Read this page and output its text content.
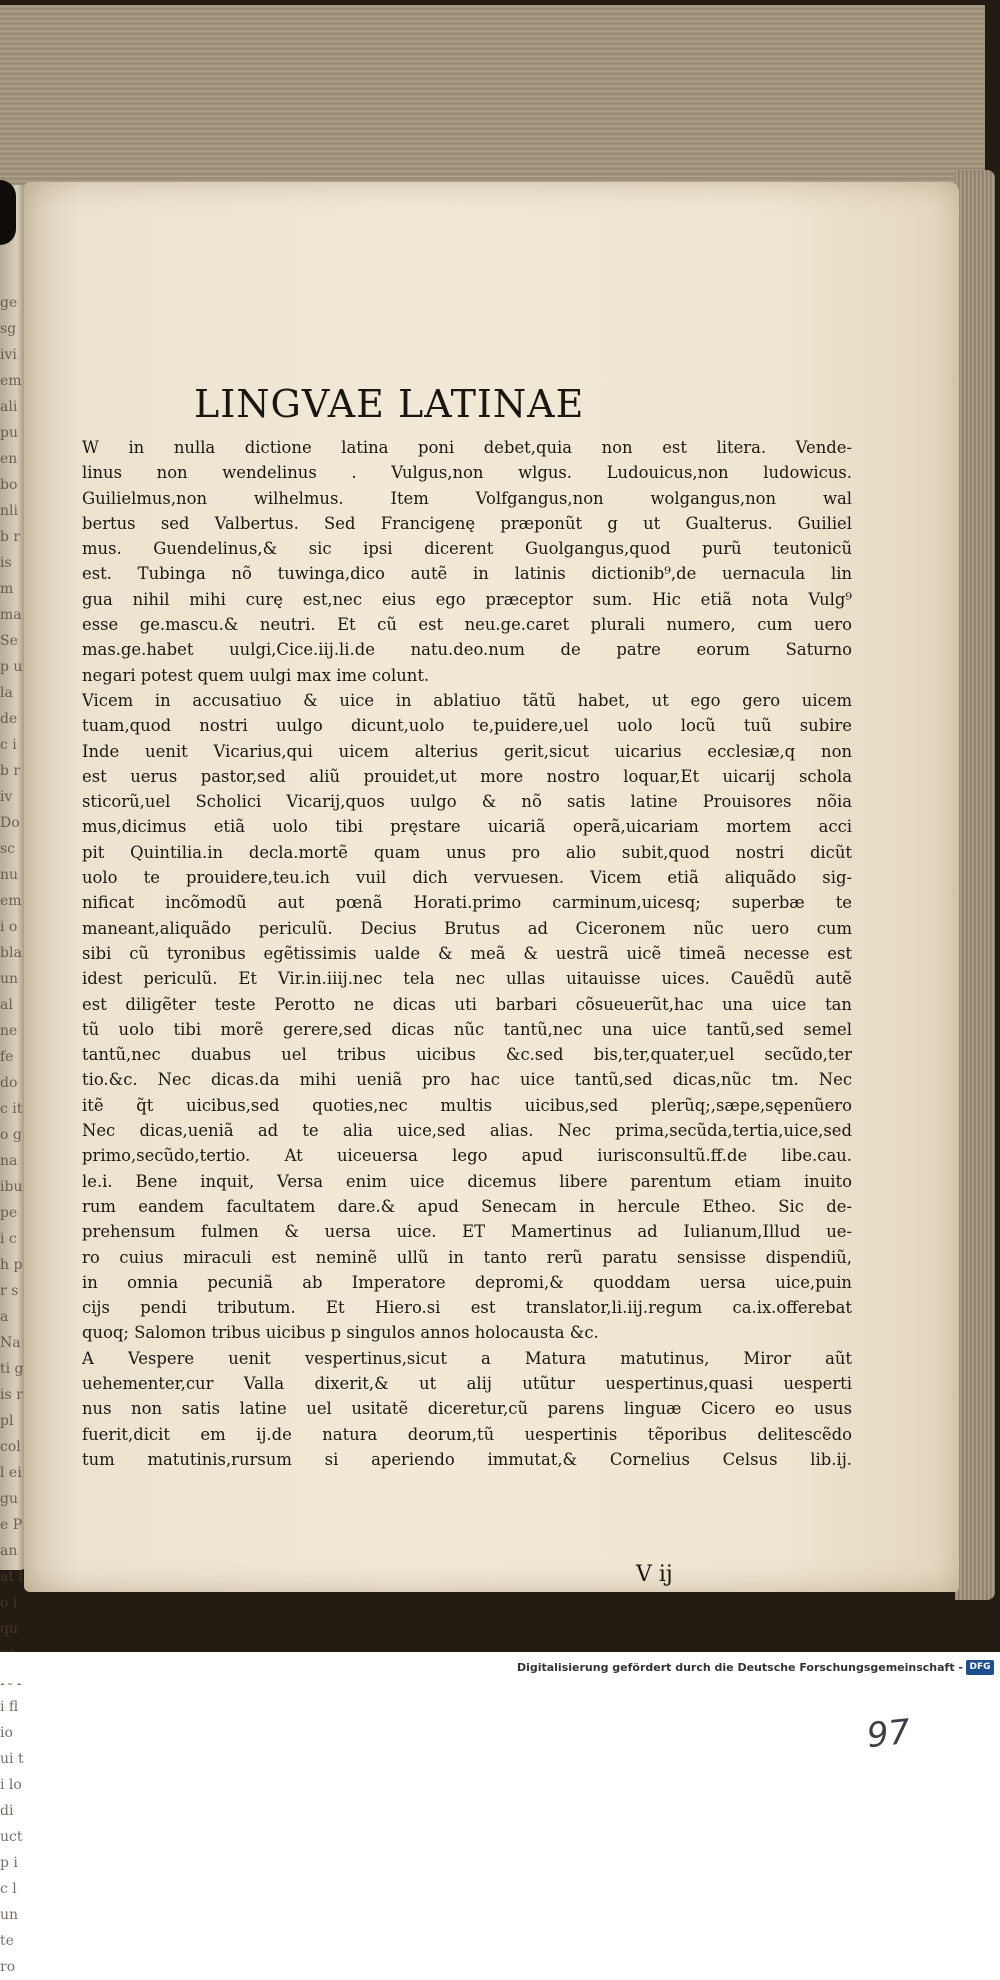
gesg ivi em ali pu en bo nlib ris mma Sep ula dec ib r iv Dosc nu emi obla un al ne fe do c ito gna ibu pe i ch pr sa Na ti g is rpl coll ei gue Pan at io iqu i fl io ui ti lo di uct p ic l un te ro
LINGVAE LATINAE
W in nulla dictione latina poni debet,quia non est litera. Vende-
linus non wendelinus . Vulgus,non wlgus. Ludouicus,non ludowicus.
Guilielmus,non wilhelmus. Item Volfgangus,non wolgangus,non wal
bertus sed Valbertus. Sed Francigenę præponũt g ut Gualterus. Guiliel
mus. Guendelinus,& sic ipsi dicerent Guolgangus,quod purũ teutonicũ
est. Tubinga nõ tuwinga,dico autẽ in latinis dictionib⁹,de uernacula lin
gua nihil mihi curę est,nec eius ego præceptor sum. Hic etiã nota Vulg⁹
esse ge.mascu.& neutri. Et cũ est neu.ge.caret plurali numero, cum uero
mas.ge.habet uulgi,Cice.iij.li.de natu.deo.num de patre eorum Saturno
negari potest quem uulgi max ime colunt.
Vicem in accusatiuo & uice in ablatiuo tãtũ habet, ut ego gero uicem
tuam,quod nostri uulgo dicunt,uolo te,puidere,uel uolo locũ tuũ subire
Inde uenit Vicarius,qui uicem alterius gerit,sicut uicarius ecclesiæ,q non
est uerus pastor,sed aliũ prouidet,ut more nostro loquar,Et uicarij schola
sticorũ,uel Scholici Vicarij,quos uulgo & nõ satis latine Prouisores nõia
mus,dicimus etiã uolo tibi pręstare uicariã operã,uicariam mortem acci
pit Quintilia.in decla.mortẽ quam unus pro alio subit,quod nostri dicũt
uolo te prouidere,teu.ich vuil dich vervuesen. Vicem etiã aliquãdo sig-
nificat incõmodũ aut pœnã Horati.primo carminum,uicesq; superbæ te
maneant,aliquãdo periculũ. Decius Brutus ad Ciceronem nũc uero cum
sibi cũ tyronibus egẽtissimis ualde & meã & uestrã uicẽ timeã necesse est
idest periculũ. Et Vir.in.iiij.nec tela nec ullas uitauisse uices. Cauẽdũ autẽ
est diligẽter teste Perotto ne dicas uti barbari cõsueuerũt,hac una uice tan
tũ uolo tibi morẽ gerere,sed dicas nũc tantũ,nec una uice tantũ,sed semel
tantũ,nec duabus uel tribus uicibus &c.sed bis,ter,quater,uel secũdo,ter
tio.&c. Nec dicas.da mihi ueniã pro hac uice tantũ,sed dicas,nũc tm. Nec
itẽ q̃t uicibus,sed quoties,nec multis uicibus,sed plerũq;,sæpe,sępenũero
Nec dicas,ueniã ad te alia uice,sed alias. Nec prima,secũda,tertia,uice,sed
primo,secũdo,tertio. At uiceuersa lego apud iurisconsultũ.ff.de libe.cau.
le.i. Bene inquit, Versa enim uice dicemus libere parentum etiam inuito
rum eandem facultatem dare.& apud Senecam in hercule Etheo. Sic de-
prehensum fulmen & uersa uice. ET Mamertinus ad Iulianum,Illud ue-
ro cuius miraculi est neminẽ ullũ in tanto rerũ paratu sensisse dispendiũ,
in omnia pecuniã ab Imperatore depromi,& quoddam uersa uice,puin
cijs pendi tributum. Et Hiero.si est translator,li.iij.regum ca.ix.offerebat
quoq; Salomon tribus uicibus p singulos annos holocausta &c.
A Vespere uenit vespertinus,sicut a Matura matutinus, Miror aũt
uehementer,cur Valla dixerit,& ut alij utũtur uespertinus,quasi uesperti
nus non satis latine uel usitatẽ diceretur,cũ parens linguæ Cicero eo usus
fuerit,dicit em ij.de natura deorum,tũ uespertinis tẽporibus delitescẽdo
tum matutinis,rursum si aperiendo immutat,& Cornelius Celsus lib.ij.
V ij
97
Digitalisierung gefördert durch die Deutsche Forschungsgemeinschaft - DFG
